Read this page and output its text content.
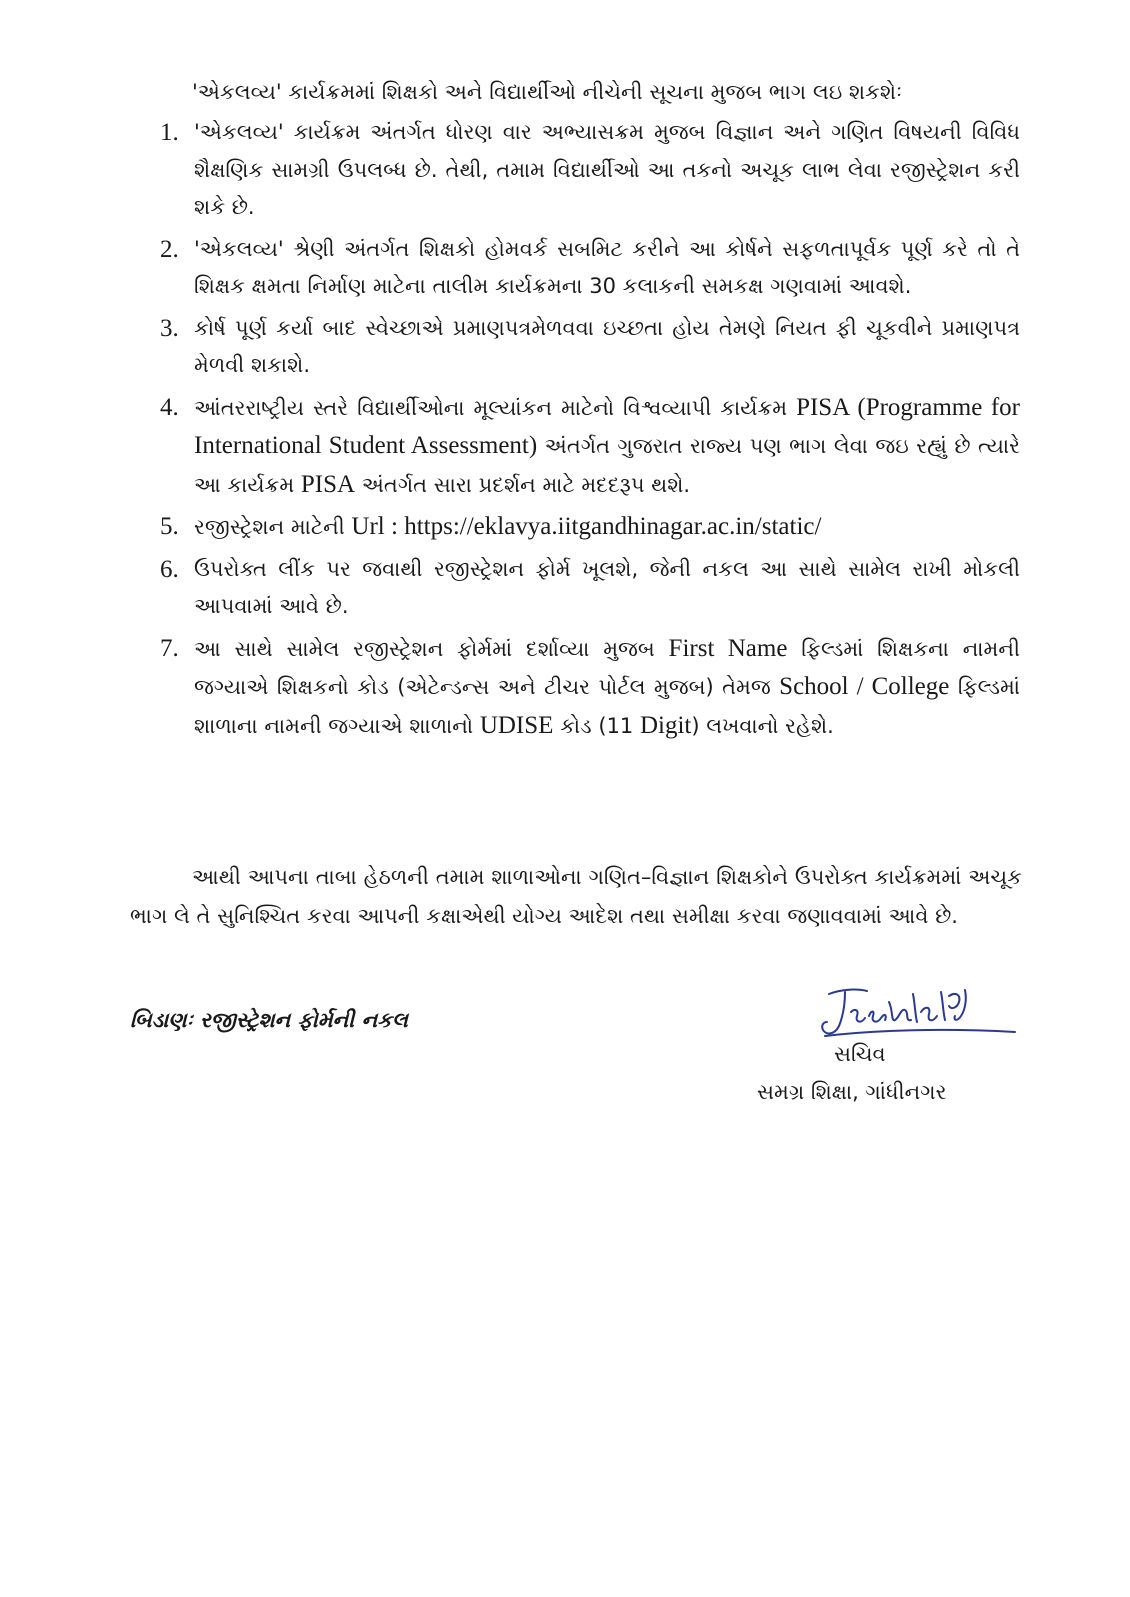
'એકલવ્ય' કાર્યક્રમમાં શિક્ષકો અને વિદ્યાર્થીઓ નીચેની સૂચના મુજબ ભાગ લઇ શકશેઃ
1. 'એકલવ્ય' કાર્યક્રમ અંતર્ગત ધોરણ વાર અભ્યાસક્રમ મુજબ વિજ્ઞાન અને ગણિત વિષયની વિવિધ શૈક્ષણિક સામગ્રી ઉપલબ્ધ છે. તેથી, તમામ વિદ્યાર્થીઓ આ તકનો અચૂક લાભ લેવા રજીસ્ટ્રેશન કરી શકે છે.
2. 'એકલવ્ય' શ્રેણી અંતર્ગત શિક્ષકો હોમવર્ક સબમિટ કરીને આ કોર્ષને સફળતાપૂર્વક પૂર્ણ કરે તો તે શિક્ષક ક્ષમતા નિર્માણ માટેના તાલીમ કાર્યક્રમના 30 કલાકની સમકક્ષ ગણવામાં આવશે.
3. કોર્ષ પૂર્ણ કર્યા બાદ સ્વેચ્છાએ પ્રમાણપત્રમેળવવા ઇચ્છતા હોય તેમણે નિયત ફી ચૂકવીને પ્રમાણપત્ર મેળવી શકાશે.
4. આંતરરાષ્ટ્રીય સ્તરે વિદ્યાર્થીઓના મૂલ્યાંકન માટેનો વિશ્વવ્યાપી કાર્યક્રમ PISA (Programme for International Student Assessment) અંતર્ગત ગુજરાત રાજ્ય પણ ભાગ લેવા જઇ રહ્યું છે ત્યારે આ કાર્યક્રમ PISA અંતર્ગત સારા પ્રદર્શન માટે મદદરૂપ થશે.
5. રજીસ્ટ્રેશન માટેની Url : https://eklavya.iitgandhinagar.ac.in/static/
6. ઉપરોક્ત લીંક પર જવાથી રજીસ્ટ્રેશન ફોર્મ ખૂલશે, જેની નકલ આ સાથે સામેલ રાખી મોકલી આપવામાં આવે છે.
7. આ સાથે સામેલ રજીસ્ટ્રેશન ફોર્મમાં દર્શાવ્યા મુજબ First Name ફિલ્ડમાં શિક્ષકના નામની જગ્યાએ શિક્ષકનો કોડ (એટેન્ડન્સ અને ટીચર પોર્ટલ મુજબ) તેમજ School / College ફિલ્ડમાં શાળાના નામની જગ્યાએ શાળાનો UDISE કોડ (11 Digit) લખવાનો રહેશે.
આથી આપના તાબા હેઠળની તમામ શાળાઓના ગણિત–વિજ્ઞાન શિક્ષકોને ઉપરોક્ત કાર્યક્રમમાં અચૂક ભાગ લે તે સુનિશ્ચિત કરવા આપની કક્ષાએથી યોગ્ય આદેશ તથા સમીક્ષા કરવા જણાવવામાં આવે છે.
બિડાણઃ રજીસ્ટ્રેશન ફોર્મની નકલ
સચિવ
સમગ્ર શિક્ષા, ગાંધીનગર
